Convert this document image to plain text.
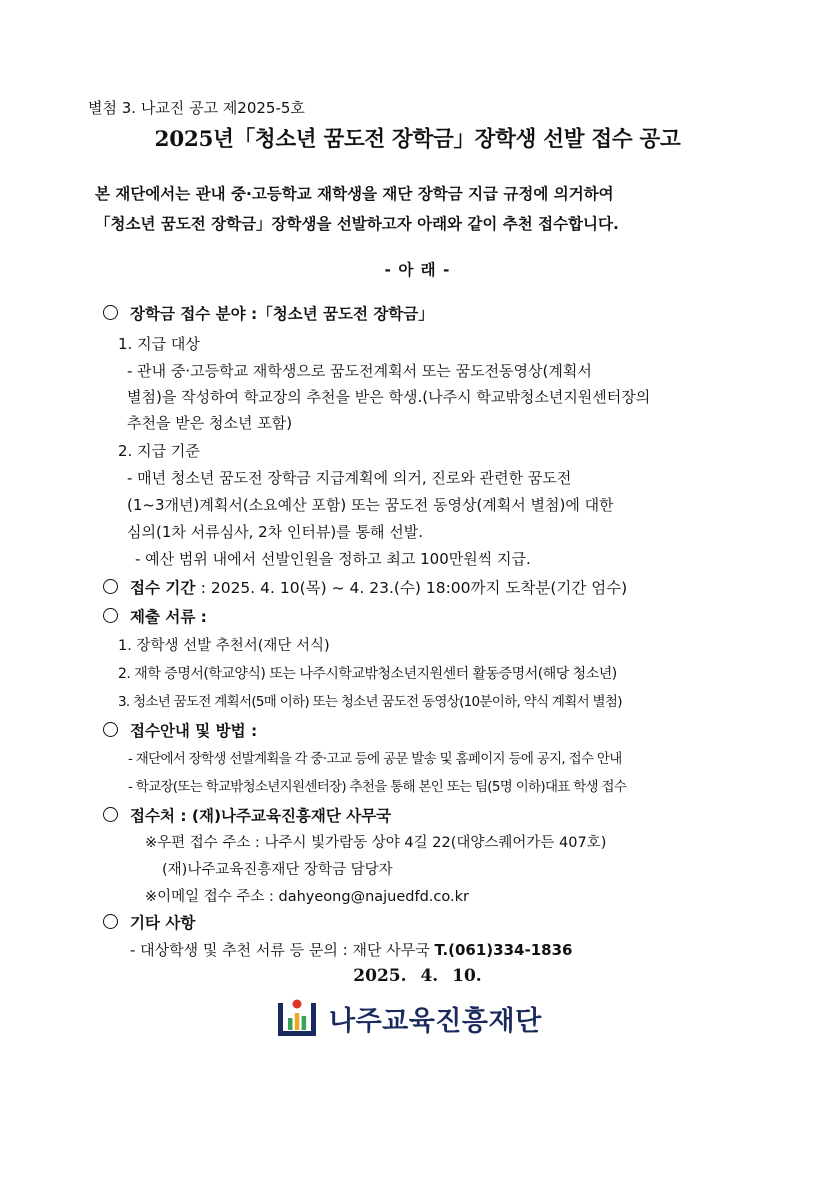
별첨 3. 나교진 공고 제2025-5호
2025년「청소년 꿈도전 장학금」장학생 선발 접수 공고
본 재단에서는 관내 중·고등학교 재학생을 재단 장학금 지급 규정에 의거하여
「청소년 꿈도전 장학금」장학생을 선발하고자 아래와 같이 추천 접수합니다.
- 아 래 -
장학금 접수 분야 :「청소년 꿈도전 장학금」
1. 지급 대상
- 관내 중·고등학교 재학생으로 꿈도전계획서 또는 꿈도전동영상(계획서
별첨)을 작성하여 학교장의 추천을 받은 학생.(나주시 학교밖청소년지원센터장의
추천을 받은 청소년 포함)
2. 지급 기준
- 매년 청소년 꿈도전 장학금 지급계획에 의거, 진로와 관련한 꿈도전
(1~3개년)계획서(소요예산 포함) 또는 꿈도전 동영상(계획서 별첨)에 대한
심의(1차 서류심사, 2차 인터뷰)를 통해 선발.
- 예산 범위 내에서 선발인원을 정하고 최고 100만원씩 지급.
접수 기간 : 2025. 4. 10(목) ~ 4. 23.(수) 18:00까지 도착분(기간 엄수)
제출 서류 :
1. 장학생 선발 추천서(재단 서식)
2. 재학 증명서(학교양식) 또는 나주시학교밖청소년지원센터 활동증명서(해당 청소년)
3. 청소년 꿈도전 계획서(5매 이하) 또는 청소년 꿈도전 동영상(10분이하, 약식 계획서 별첨)
접수안내 및 방법 :
- 재단에서 장학생 선발계획을 각 중·고교 등에 공문 발송 및 홈페이지 등에 공지, 접수 안내
- 학교장(또는 학교밖청소년지원센터장) 추천을 통해 본인 또는 팀(5명 이하)대표 학생 접수
접수처 : (재)나주교육진흥재단 사무국
※우편 접수 주소 : 나주시 빛가람동 상야 4길 22(대양스퀘어가든 407호)
(재)나주교육진흥재단 장학금 담당자
※이메일 접수 주소 : dahyeong@najuedfd.co.kr
기타 사항
- 대상학생 및 추천 서류 등 문의 : 재단 사무국 T.(061)334-1836
2025. 4. 10.
나주교육진흥재단
